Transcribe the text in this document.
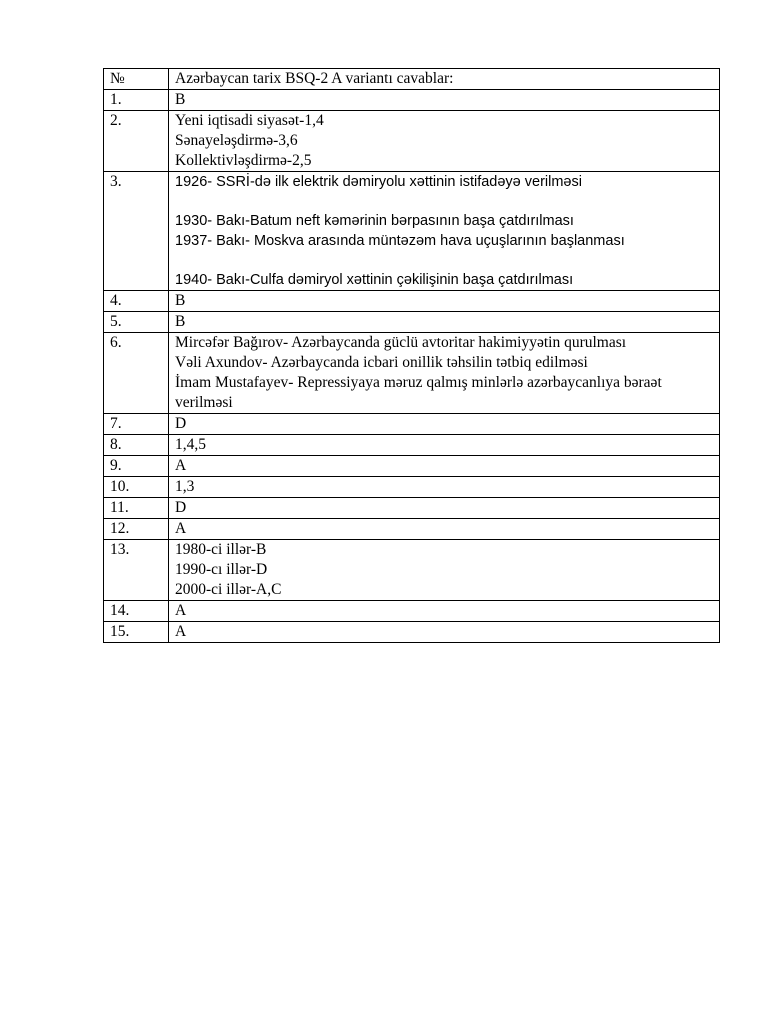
№	Azərbaycan tarix BSQ-2 A variantı cavablar:
1.	B

2.	Yeni iqtisadi siyasət-1,4
Sənayeləşdirmə-3,6
Kollektivləşdirmə-2,5

3.	1926- SSRİ-də ilk elektrik dəmiryolu xəttinin istifadəyə verilməsi
1930- Bakı-Batum neft kəmərinin bərpasının başa çatdırılması
1937- Bakı- Moskva arasında müntəzəm hava uçuşlarının başlanması
1940- Bakı-Culfa dəmiryol xəttinin çəkilişinin başa çatdırılması

4.	B

5.	B

6.	Mircəfər Bağırov- Azərbaycanda güclü avtoritar hakimiyyətin qurulması
Vəli Axundov- Azərbaycanda icbari onillik təhsilin tətbiq edilməsi
İmam Mustafayev- Repressiyaya məruz qalmış minlərlə azərbaycanlıya bəraət verilməsi

7.	D

8.	1,4,5

9.	A

10.	1,3

11.	D

12.	A

13.	1980-ci illər-B
1990-cı illər-D
2000-ci illər-A,C

14.	A

15.	A
